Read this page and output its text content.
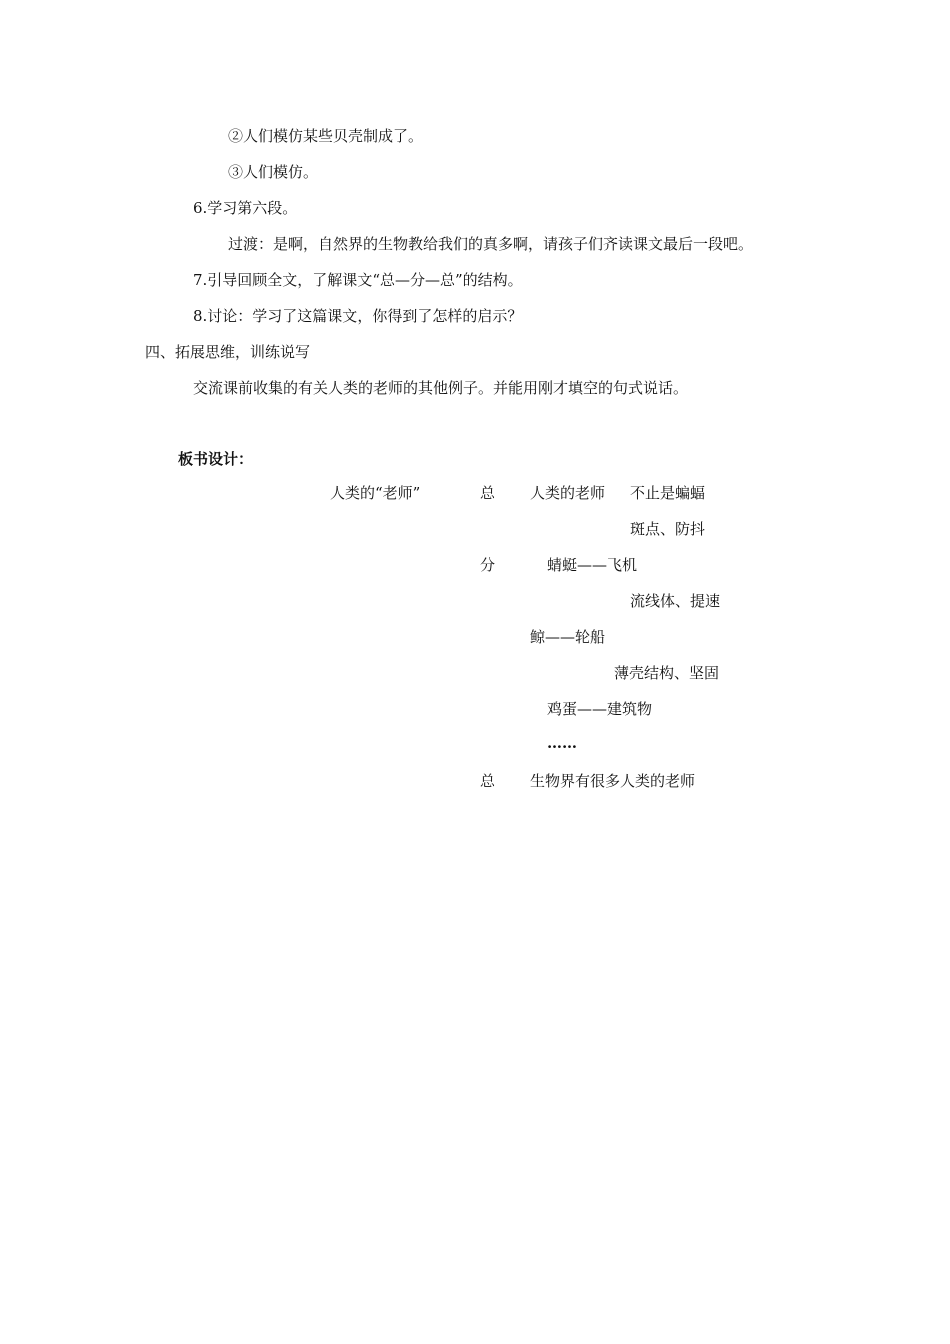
②人们模仿某些贝壳制成了。
③人们模仿。
6.学习第六段。
过渡：是啊，自然界的生物教给我们的真多啊，请孩子们齐读课文最后一段吧。
7.引导回顾全文，了解课文“总—分—总”的结构。
8.讨论：学习了这篇课文，你得到了怎样的启示？
四、拓展思维，训练说写
交流课前收集的有关人类的老师的其他例子。并能用刚才填空的句式说话。
板书设计：
人类的“老师”	总 人类的老师 不止是蝙蝠
斑点、防抖
分	蜻蜓——飞机
流线体、提速
鲸——轮船
薄壳结构、坚固
鸡蛋——建筑物
……
总 生物界有很多人类的老师
